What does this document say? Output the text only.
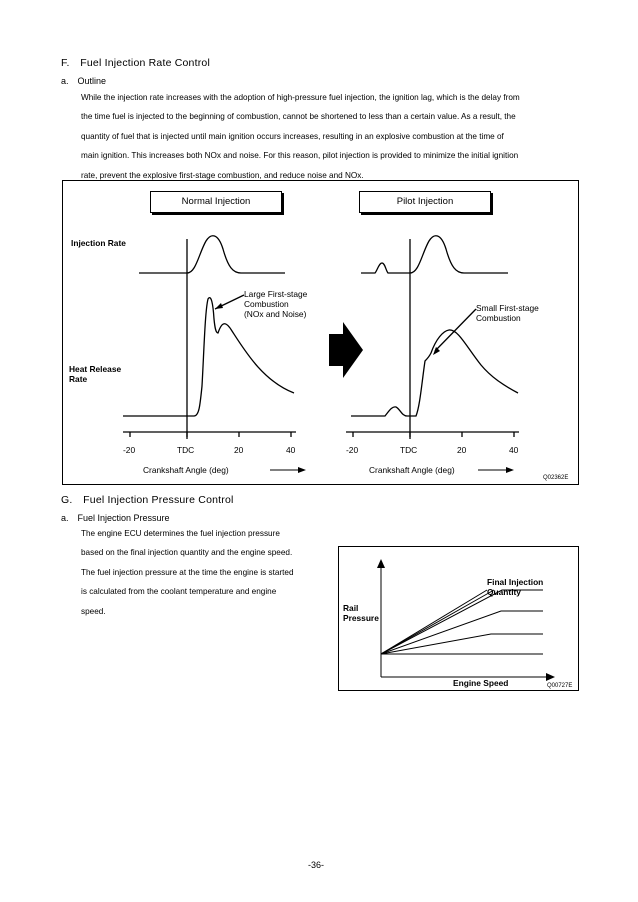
F. Fuel Injection Rate Control
a. Outline

While the injection rate increases with the adoption of high-pressure fuel injection, the ignition lag, which is the delay from

the time fuel is injected to the beginning of combustion, cannot be shortened to less than a certain value. As a result, the

quantity of fuel that is injected until main ignition occurs increases, resulting in an explosive combustion at the time of

main ignition. This increases both NOx and noise. For this reason, pilot injection is provided to minimize the initial ignition

rate, prevent the explosive first-stage combustion, and reduce noise and NOx.

Normal Injection	Pilot Injection
Injection Rate
Heat Release
Rate
Large First-stage
Combustion
(NOx and Noise)
Small First-stage
Combustion
-20	TDC	20	40	-20	TDC	20	40
Crankshaft Angle (deg)	Crankshaft Angle (deg)
Q02362E
G. Fuel Injection Pressure Control
a. Fuel Injection Pressure

The engine ECU determines the fuel injection pressure

based on the final injection quantity and the engine speed.

The fuel injection pressure at the time the engine is started

is calculated from the coolant temperature and engine

speed.

Final Injection Quantity
Rail
Pressure
Engine Speed	Q00727E
-36-
